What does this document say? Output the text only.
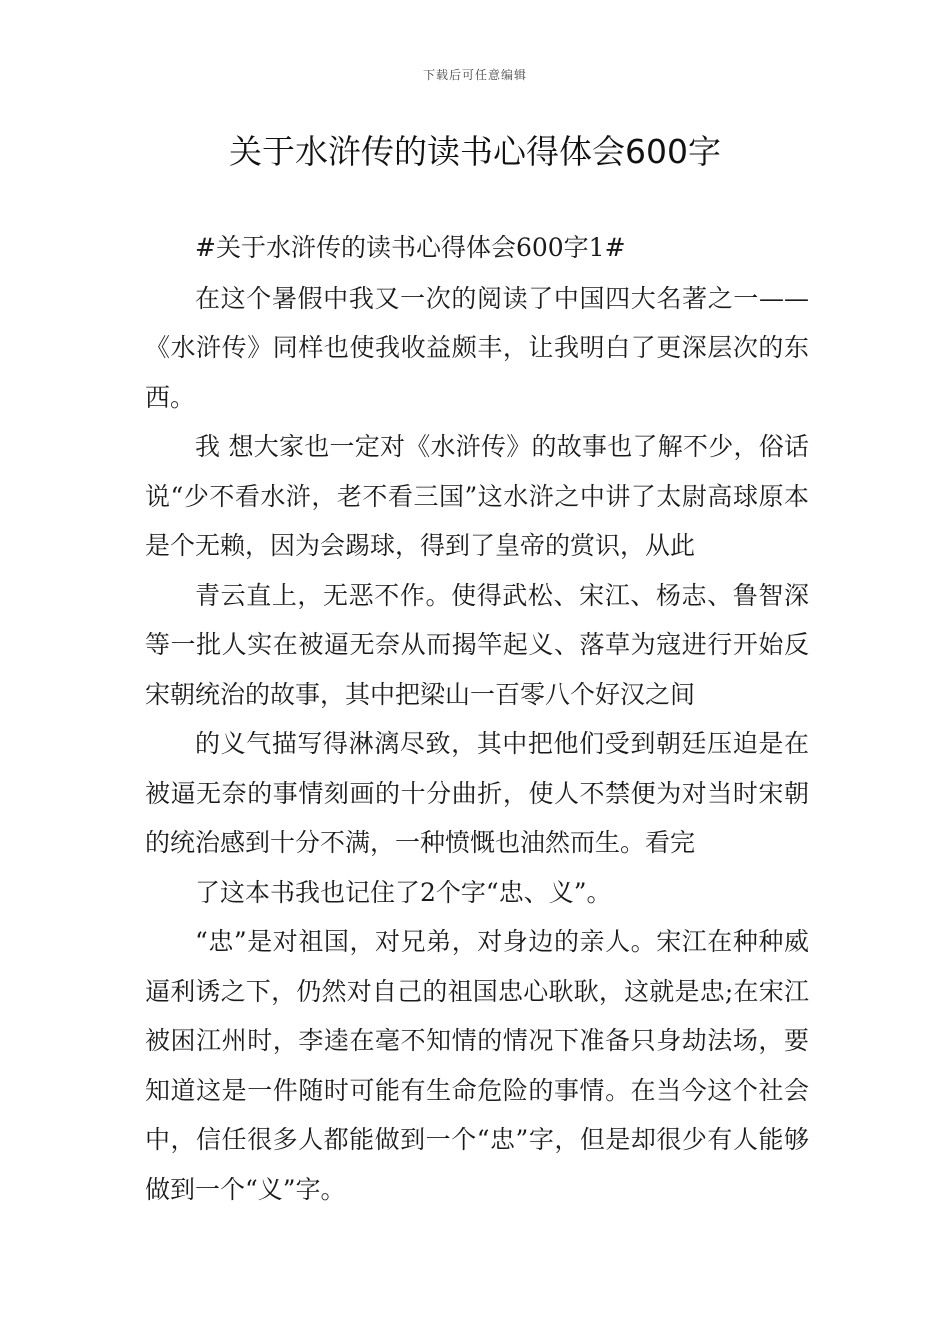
下载后可任意编辑
关于水浒传的读书心得体会600字

#关于水浒传的读书心得体会600字1#

在这个暑假中我又一次的阅读了中国四大名著之一——《水浒传》同样也使我收益颇丰，让我明白了更深层次的东西。

我 想大家也一定对《水浒传》的故事也了解不少，俗话说“少不看水浒，老不看三国”这水浒之中讲了太尉高球原本是个无赖，因为会踢球，得到了皇帝的赏识，从此

青云直上，无恶不作。使得武松、宋江、杨志、鲁智深等一批人实在被逼无奈从而揭竿起义、落草为寇进行开始反宋朝统治的故事，其中把梁山一百零八个好汉之间

的义气描写得淋漓尽致，其中把他们受到朝廷压迫是在被逼无奈的事情刻画的十分曲折，使人不禁便为对当时宋朝的统治感到十分不满，一种愤慨也油然而生。看完

了这本书我也记住了2个字“忠、义”。

“忠”是对祖国，对兄弟，对身边的亲人。宋江在种种威逼利诱之下，仍然对自己的祖国忠心耿耿，这就是忠;在宋江被困江州时，李逵在毫不知情的情况下准备只身劫法场，要知道这是一件随时可能有生命危险的事情。在当今这个社会中，信任很多人都能做到一个“忠”字，但是却很少有人能够做到一个“义”字。
